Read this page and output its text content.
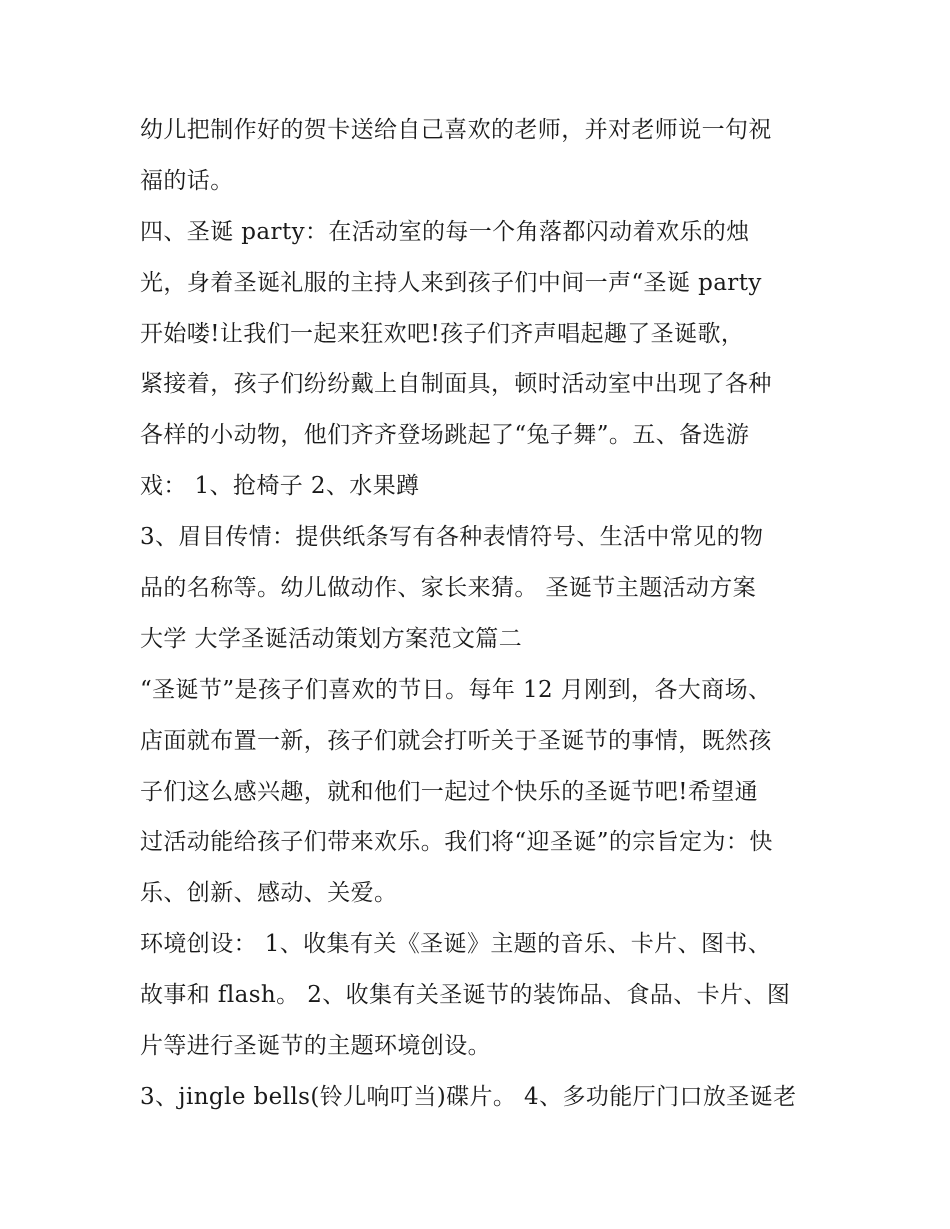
幼儿把制作好的贺卡送给自己喜欢的老师，并对老师说一句祝
福的话。
四、圣诞 party：在活动室的每一个角落都闪动着欢乐的烛
光，身着圣诞礼服的主持人来到孩子们中间一声“圣诞 party
开始喽!让我们一起来狂欢吧!孩子们齐声唱起趣了圣诞歌，
紧接着，孩子们纷纷戴上自制面具，顿时活动室中出现了各种
各样的小动物，他们齐齐登场跳起了“兔子舞”。五、备选游
戏： 1、抢椅子 2、水果蹲
3、眉目传情：提供纸条写有各种表情符号、生活中常见的物
品的名称等。幼儿做动作、家长来猜。 圣诞节主题活动方案
大学 大学圣诞活动策划方案范文篇二
“圣诞节”是孩子们喜欢的节日。每年 12 月刚到，各大商场、
店面就布置一新，孩子们就会打听关于圣诞节的事情，既然孩
子们这么感兴趣，就和他们一起过个快乐的圣诞节吧!希望通
过活动能给孩子们带来欢乐。我们将“迎圣诞”的宗旨定为：快
乐、创新、感动、关爱。
环境创设： 1、收集有关《圣诞》主题的音乐、卡片、图书、
故事和 flash。 2、收集有关圣诞节的装饰品、食品、卡片、图
片等进行圣诞节的主题环境创设。
3、jingle bells(铃儿响叮当)碟片。 4、多功能厅门口放圣诞老
